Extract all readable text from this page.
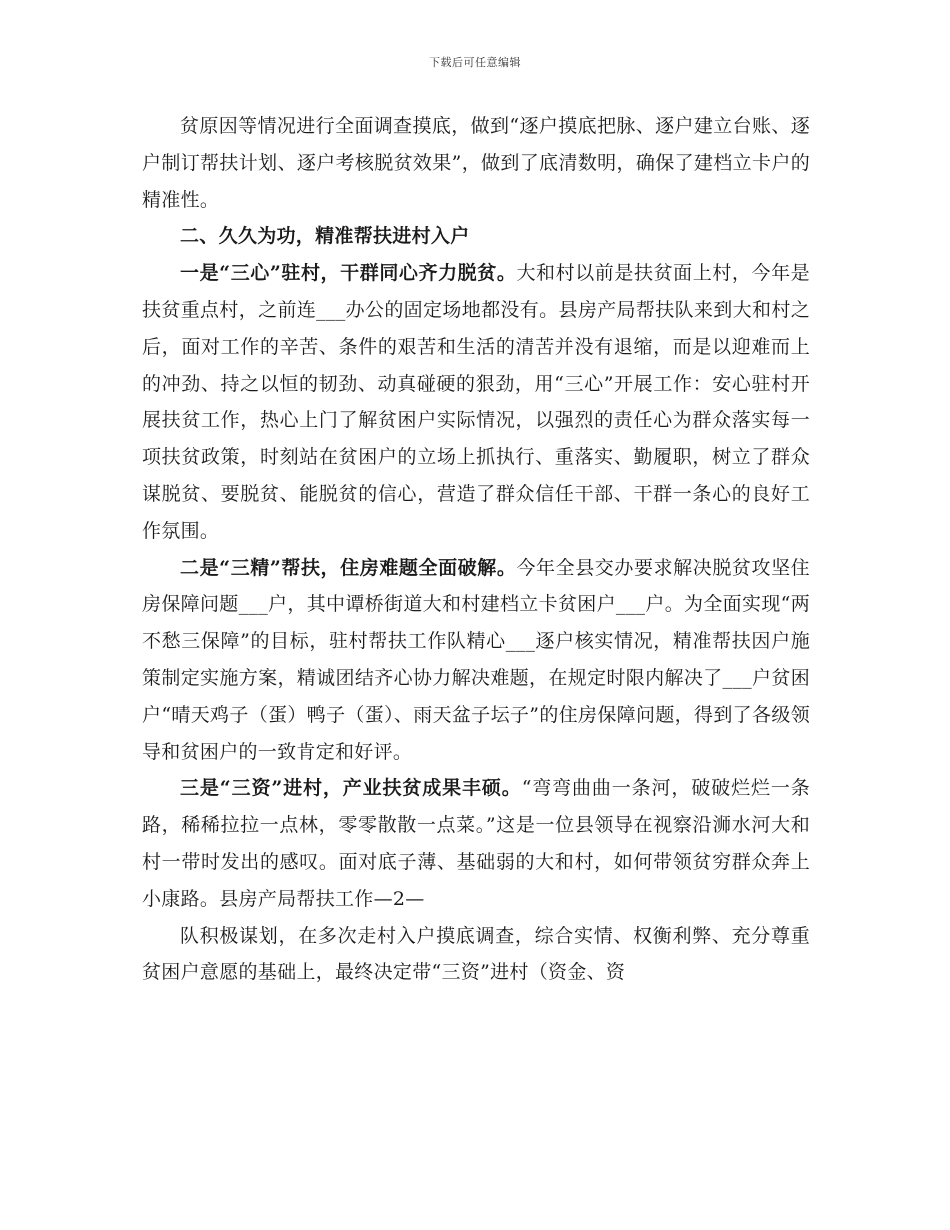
下载后可任意编辑

贫原因等情况进行全面调查摸底，做到“逐户摸底把脉、逐户建立台账、逐户制订帮扶计划、逐户考核脱贫效果”，做到了底清数明，确保了建档立卡户的精准性。

二、久久为功，精准帮扶进村入户

一是“三心”驻村，干群同心齐力脱贫。大和村以前是扶贫面上村，今年是扶贫重点村，之前连___办公的固定场地都没有。县房产局帮扶队来到大和村之后，面对工作的辛苦、条件的艰苦和生活的清苦并没有退缩，而是以迎难而上的冲劲、持之以恒的韧劲、动真碰硬的狠劲，用“三心”开展工作：安心驻村开展扶贫工作，热心上门了解贫困户实际情况，以强烈的责任心为群众落实每一项扶贫政策，时刻站在贫困户的立场上抓执行、重落实、勤履职，树立了群众谋脱贫、要脱贫、能脱贫的信心，营造了群众信任干部、干群一条心的良好工作氛围。

二是“三精”帮扶，住房难题全面破解。今年全县交办要求解决脱贫攻坚住房保障问题___户，其中谭桥街道大和村建档立卡贫困户___户。为全面实现“两不愁三保障”的目标，驻村帮扶工作队精心___逐户核实情况，精准帮扶因户施策制定实施方案，精诚团结齐心协力解决难题，在规定时限内解决了___户贫困户“晴天鸡子（蛋）鸭子（蛋）、雨天盆子坛子”的住房保障问题，得到了各级领导和贫困户的一致肯定和好评。

三是“三资”进村，产业扶贫成果丰硕。“弯弯曲曲一条河，破破烂烂一条路，稀稀拉拉一点林，零零散散一点菜。”这是一位县领导在视察沿浉水河大和村一带时发出的感叹。面对底子薄、基础弱的大和村，如何带领贫穷群众奔上小康路。县房产局帮扶工作—2—

队积极谋划，在多次走村入户摸底调查，综合实情、权衡利弊、充分尊重贫困户意愿的基础上，最终决定带“三资”进村（资金、资
